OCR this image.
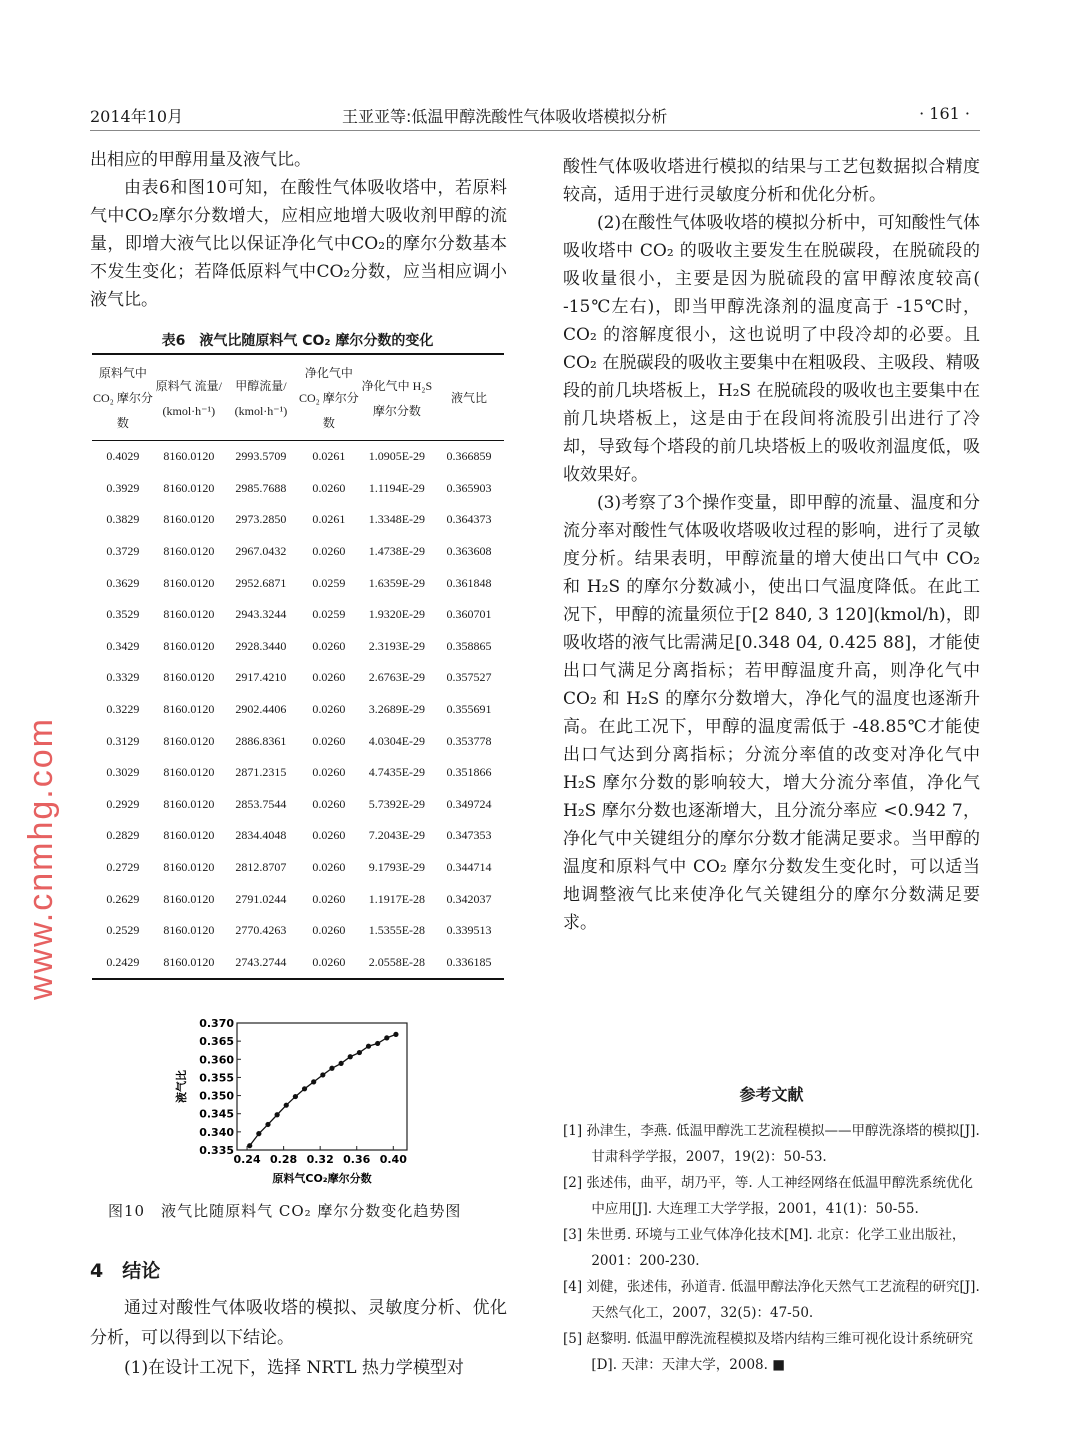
2014年10月	王亚亚等:低温甲醇洗酸性气体吸收塔模拟分析	· 161 ·

出相应的甲醇用量及液气比。

由表6和图10可知，在酸性气体吸收塔中，若原料气中CO₂摩尔分数增大，应相应地增大吸收剂甲醇的流量，即增大液气比以保证净化气中CO₂的摩尔分数基本不发生变化；若降低原料气中CO₂分数，应当相应调小液气比。

表6　液气比随原料气 CO₂ 摩尔分数的变化
原料气中 CO₂ 摩尔分数	原料气 流量/ (kmol·h⁻¹)	甲醇流量/ (kmol·h⁻¹)	净化气中 CO₂ 摩尔分数	净化气中 H₂S 摩尔分数	液气比
0.4029	8160.0120	2993.5709	0.0261	1.0905E-29	0.366859
0.3929	8160.0120	2985.7688	0.0260	1.1194E-29	0.365903
0.3829	8160.0120	2973.2850	0.0261	1.3348E-29	0.364373
0.3729	8160.0120	2967.0432	0.0260	1.4738E-29	0.363608
0.3629	8160.0120	2952.6871	0.0259	1.6359E-29	0.361848
0.3529	8160.0120	2943.3244	0.0259	1.9320E-29	0.360701
0.3429	8160.0120	2928.3440	0.0260	2.3193E-29	0.358865
0.3329	8160.0120	2917.4210	0.0260	2.6763E-29	0.357527
0.3229	8160.0120	2902.4406	0.0260	3.2689E-29	0.355691
0.3129	8160.0120	2886.8361	0.0260	4.0304E-29	0.353778
0.3029	8160.0120	2871.2315	0.0260	4.7435E-29	0.351866
0.2929	8160.0120	2853.7544	0.0260	5.7392E-29	0.349724
0.2829	8160.0120	2834.4048	0.0260	7.2043E-29	0.347353
0.2729	8160.0120	2812.8707	0.0260	9.1793E-29	0.344714
0.2629	8160.0120	2791.0244	0.0260	1.1917E-28	0.342037
0.2529	8160.0120	2770.4263	0.0260	1.5355E-28	0.339513
0.2429	8160.0120	2743.2744	0.0260	2.0558E-28	0.336185
0.335
0.340
0.345
0.350
0.355
0.360
0.365
0.370
0.24 0.28 0.32 0.36 0.40
原料气CO₂摩尔分数
液气比
图10　液气比随原料气 CO₂ 摩尔分数变化趋势图
4　结论

通过对酸性气体吸收塔的模拟、灵敏度分析、优化分析，可以得到以下结论。

(1)在设计工况下，选择 NRTL 热力学模型对

酸性气体吸收塔进行模拟的结果与工艺包数据拟合精度较高，适用于进行灵敏度分析和优化分析。

(2)在酸性气体吸收塔的模拟分析中，可知酸性气体吸收塔中 CO₂ 的吸收主要发生在脱碳段，在脱硫段的吸收量很小，主要是因为脱硫段的富甲醇浓度较高( -15℃左右)，即当甲醇洗涤剂的温度高于 -15℃时，CO₂ 的溶解度很小，这也说明了中段冷却的必要。且 CO₂ 在脱碳段的吸收主要集中在粗吸段、主吸段、精吸段的前几块塔板上，H₂S 在脱硫段的吸收也主要集中在前几块塔板上，这是由于在段间将流股引出进行了冷却，导致每个塔段的前几块塔板上的吸收剂温度低，吸收效果好。

(3)考察了3个操作变量，即甲醇的流量、温度和分流分率对酸性气体吸收塔吸收过程的影响，进行了灵敏度分析。结果表明，甲醇流量的增大使出口气中 CO₂ 和 H₂S 的摩尔分数减小，使出口气温度降低。在此工况下，甲醇的流量须位于[2 840, 3 120](kmol/h)，即吸收塔的液气比需满足[0.348 04, 0.425 88]，才能使出口气满足分离指标；若甲醇温度升高，则净化气中 CO₂ 和 H₂S 的摩尔分数增大，净化气的温度也逐渐升高。在此工况下，甲醇的温度需低于 -48.85℃才能使出口气达到分离指标；分流分率值的改变对净化气中 H₂S 摩尔分数的影响较大，增大分流分率值，净化气 H₂S 摩尔分数也逐渐增大，且分流分率应 <0.942 7，净化气中关键组分的摩尔分数才能满足要求。当甲醇的温度和原料气中 CO₂ 摩尔分数发生变化时，可以适当地调整液气比来使净化气关键组分的摩尔分数满足要求。

参考文献
[1] 孙津生，李燕. 低温甲醇洗工艺流程模拟——甲醇洗涤塔的模拟[J]. 甘肃科学学报，2007，19(2)：50-53.
[2] 张述伟，曲平，胡乃平，等. 人工神经网络在低温甲醇洗系统优化中应用[J]. 大连理工大学学报，2001，41(1)：50-55.
[3] 朱世勇. 环境与工业气体净化技术[M]. 北京：化学工业出版社，2001：200-230.
[4] 刘健，张述伟，孙道青. 低温甲醇法净化天然气工艺流程的研究[J]. 天然气化工，2007，32(5)：47-50.
[5] 赵黎明. 低温甲醇洗流程模拟及塔内结构三维可视化设计系统研究[D]. 天津：天津大学，2008. ■
www.cnmhg.com
